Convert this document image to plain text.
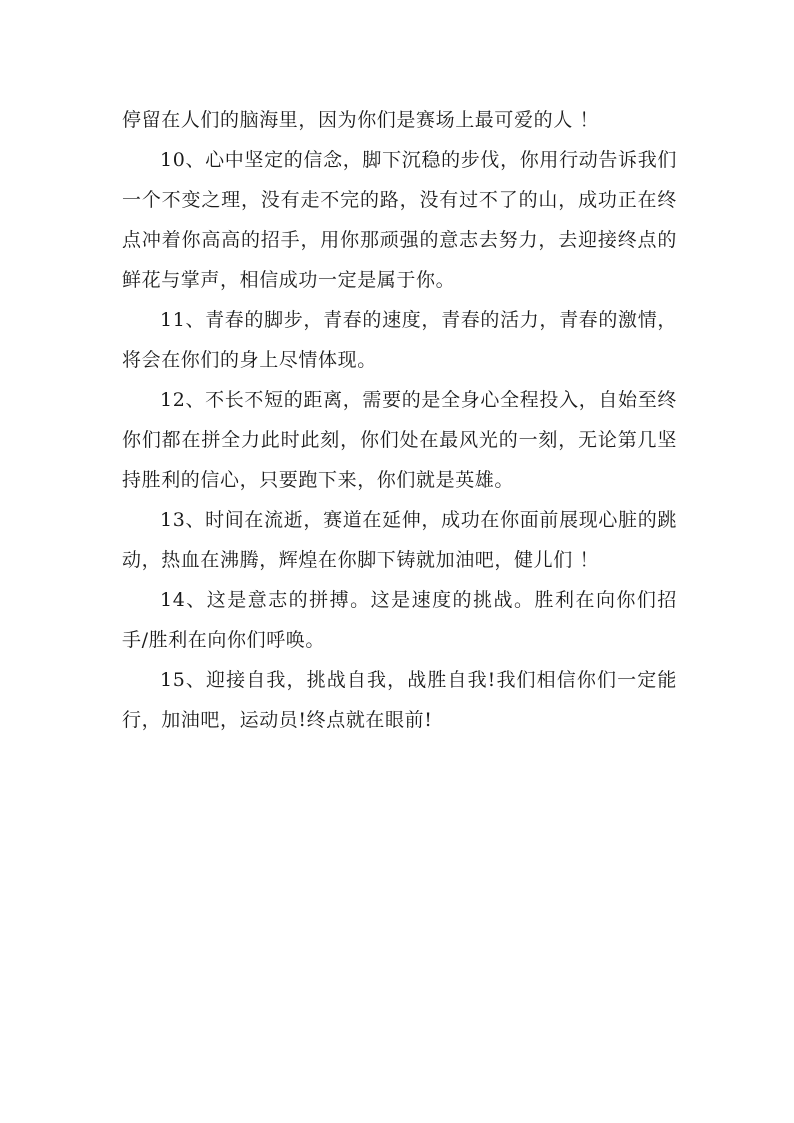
停留在人们的脑海里，因为你们是赛场上最可爱的人 ！

10、心中坚定的信念，脚下沉稳的步伐，你用行动告诉我们一个不变之理，没有走不完的路，没有过不了的山，成功正在终点冲着你高高的招手，用你那顽强的意志去努力，去迎接终点的鲜花与掌声，相信成功一定是属于你。

11、青春的脚步，青春的速度，青春的活力，青春的激情，将会在你们的身上尽情体现。

12、不长不短的距离，需要的是全身心全程投入，自始至终你们都在拼全力此时此刻，你们处在最风光的一刻，无论第几坚持胜利的信心，只要跑下来，你们就是英雄。

13、时间在流逝，赛道在延伸，成功在你面前展现心脏的跳动，热血在沸腾，辉煌在你脚下铸就加油吧，健儿们 ！

14、这是意志的拼搏。这是速度的挑战。胜利在向你们招手/胜利在向你们呼唤。

15、迎接自我，挑战自我，战胜自我!我们相信你们一定能行，加油吧，运动员!终点就在眼前!
